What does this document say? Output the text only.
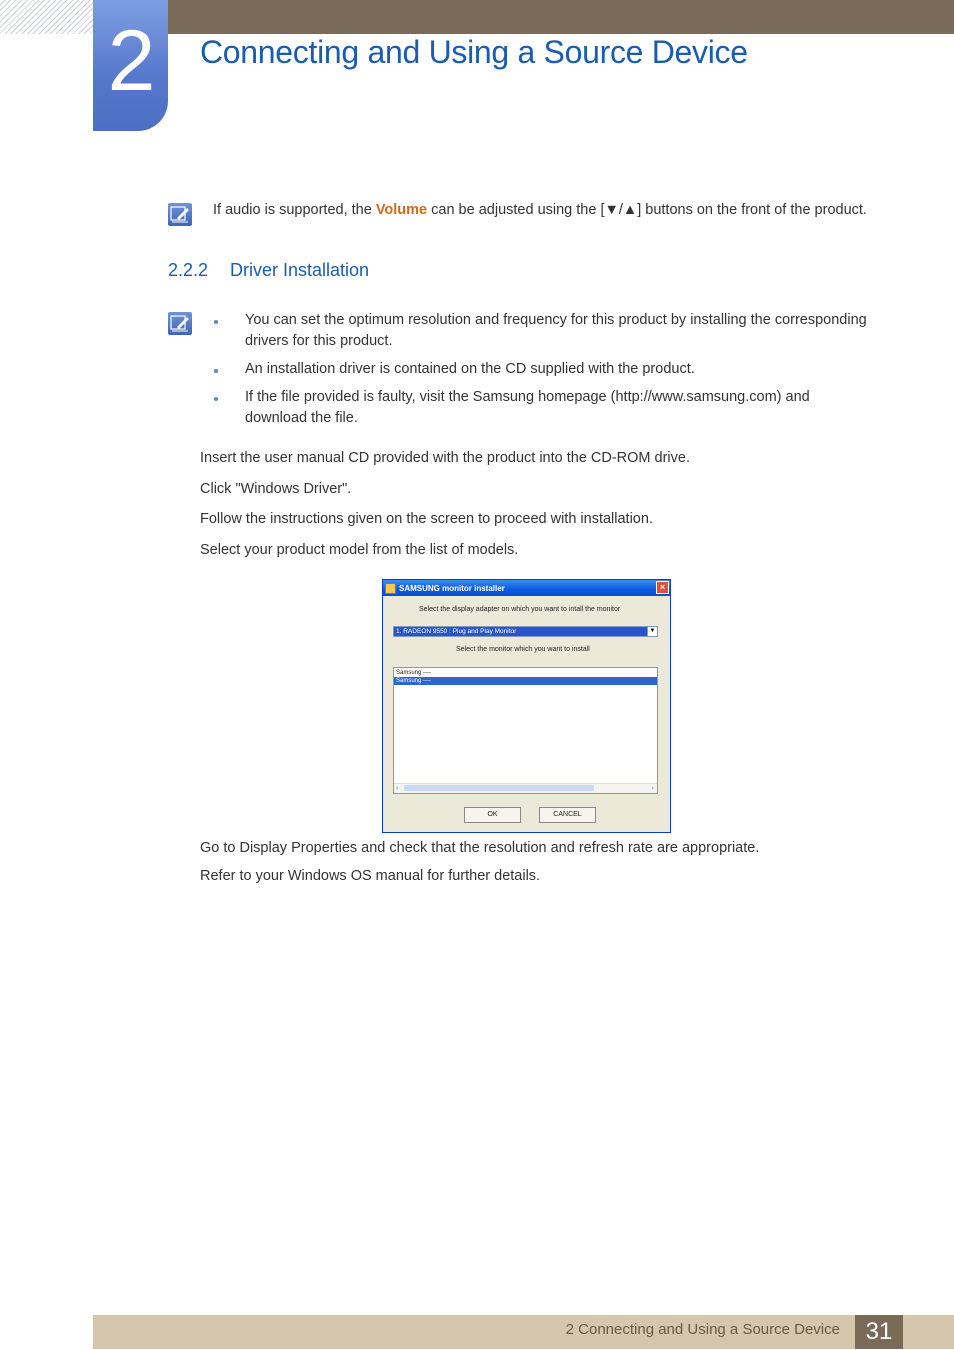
2 Connecting and Using a Source Device
If audio is supported, the Volume can be adjusted using the [▼/▲] buttons on the front of the product.
2.2.2 Driver Installation
You can set the optimum resolution and frequency for this product by installing the corresponding drivers for this product.
An installation driver is contained on the CD supplied with the product.
If the file provided is faulty, visit the Samsung homepage (http://www.samsung.com) and download the file.
Insert the user manual CD provided with the product into the CD-ROM drive.
Click "Windows Driver".
Follow the instructions given on the screen to proceed with installation.
Select your product model from the list of models.
SAMSUNG monitor installer	×
Select the display adapter on which you want to intall the monitor
1. RADEON 9550 : Plug and Play Monitor	▼
Select the monitor which you want to install
Samsung ----
Samsung ----
‹	›
OK	CANCEL
Go to Display Properties and check that the resolution and refresh rate are appropriate.
Refer to your Windows OS manual for further details.
2 Connecting and Using a Source Device	31
